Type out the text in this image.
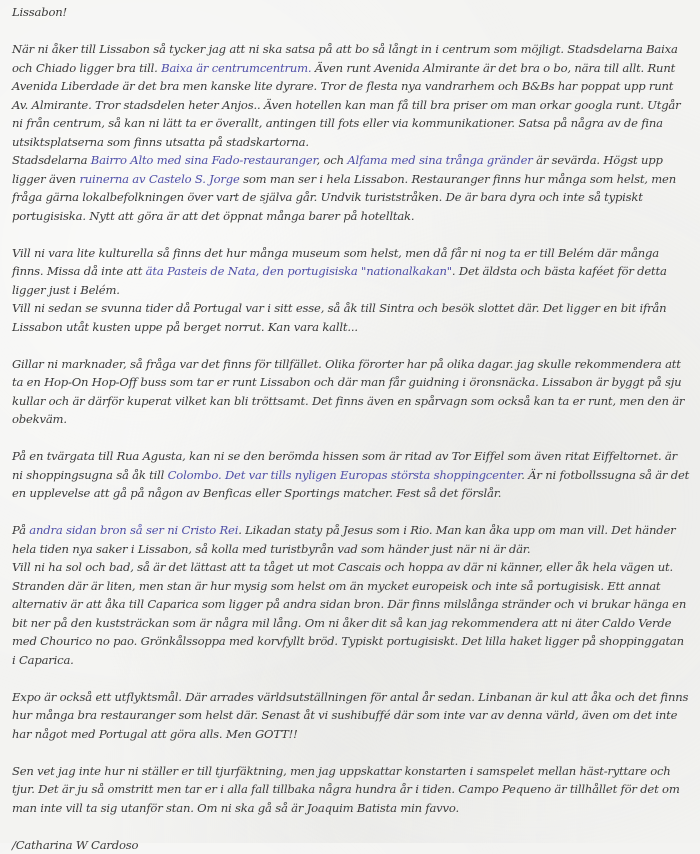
Lissabon!

När ni åker till Lissabon så tycker jag att ni ska satsa på att bo så långt in i centrum som möjligt. Stadsdelarna Baixa och Chiado ligger bra till. Baixa är centrumcentrum. Även runt Avenida Almirante är det bra o bo, nära till allt. Runt Avenida Liberdade är det bra men kanske lite dyrare. Tror de flesta nya vandrarhem och B&Bs har poppat upp runt Av. Almirante. Tror stadsdelen heter Anjos.. Även hotellen kan man få till bra priser om man orkar googla runt. Utgår ni från centrum, så kan ni lätt ta er överallt, antingen till fots eller via kommunikationer. Satsa på några av de fina utsiktsplatserna som finns utsatta på stadskartorna.

Stadsdelarna Bairro Alto med sina Fado-restauranger, och Alfama med sina trånga gränder är sevärda. Högst upp ligger även ruinerna av Castelo S. Jorge som man ser i hela Lissabon. Restauranger finns hur många som helst, men fråga gärna lokalbefolkningen över vart de själva går. Undvik turiststråken. De är bara dyra och inte så typiskt portugisiska. Nytt att göra är att det öppnat många barer på hotelltak.

Vill ni vara lite kulturella så finns det hur många museum som helst, men då får ni nog ta er till Belém där många finns. Missa då inte att äta Pasteis de Nata, den portugisiska "nationalkakan". Det äldsta och bästa kaféet för detta ligger just i Belém.

Vill ni sedan se svunna tider då Portugal var i sitt esse, så åk till Sintra och besök slottet där. Det ligger en bit ifrån Lissabon utåt kusten uppe på berget norrut. Kan vara kallt...

Gillar ni marknader, så fråga var det finns för tillfället. Olika förorter har på olika dagar. jag skulle rekommendera att ta en Hop-On Hop-Off buss som tar er runt Lissabon och där man får guidning i öronsnäcka. Lissabon är byggt på sju kullar och är därför kuperat vilket kan bli tröttsamt. Det finns även en spårvagn som också kan ta er runt, men den är obekväm.

På en tvärgata till Rua Agusta, kan ni se den berömda hissen som är ritad av Tor Eiffel som även ritat Eiffeltornet. är ni shoppingsugna så åk till Colombo. Det var tills nyligen Europas största shoppingcenter. Är ni fotbollssugna så är det en upplevelse att gå på någon av Benficas eller Sportings matcher. Fest så det förslår.

På andra sidan bron så ser ni Cristo Rei. Likadan staty på Jesus som i Rio. Man kan åka upp om man vill. Det händer hela tiden nya saker i Lissabon, så kolla med turistbyrån vad som händer just när ni är där.

Vill ni ha sol och bad, så är det lättast att ta tåget ut mot Cascais och hoppa av där ni känner, eller åk hela vägen ut. Stranden där är liten, men stan är hur mysig som helst om än mycket europeisk och inte så portugisisk. Ett annat alternativ är att åka till Caparica som ligger på andra sidan bron. Där finns milslånga stränder och vi brukar hänga en bit ner på den kuststräckan som är några mil lång. Om ni åker dit så kan jag rekommendera att ni äter Caldo Verde med Chourico no pao. Grönkålssoppa med korvfyllt bröd. Typiskt portugisiskt. Det lilla haket ligger på shoppinggatan i Caparica.

Expo är också ett utflyktsmål. Där arrades världsutställningen för antal år sedan. Linbanan är kul att åka och det finns hur många bra restauranger som helst där. Senast åt vi sushibuffé där som inte var av denna värld, även om det inte har något med Portugal att göra alls. Men GOTT!!

Sen vet jag inte hur ni ställer er till tjurfäktning, men jag uppskattar konstarten i samspelet mellan häst-ryttare och tjur. Det är ju så omstritt men tar er i alla fall tillbaka några hundra år i tiden. Campo Pequeno är tillhållet för det om man inte vill ta sig utanför stan. Om ni ska gå så är Joaquim Batista min favvo.

/Catharina W Cardoso
